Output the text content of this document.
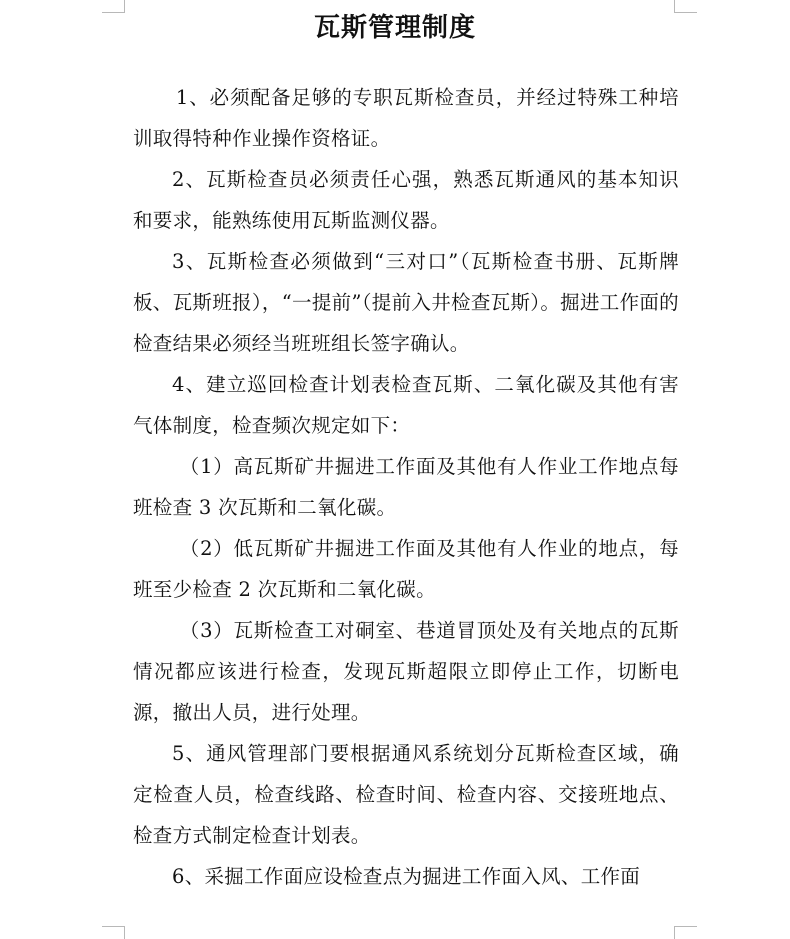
瓦斯管理制度

1、必须配备足够的专职瓦斯检查员，并经过特殊工种培训取得特种作业操作资格证。

2、瓦斯检查员必须责任心强，熟悉瓦斯通风的基本知识和要求，能熟练使用瓦斯监测仪器。

3、瓦斯检查必须做到“三对口”（瓦斯检查书册、瓦斯牌板、瓦斯班报），“一提前”（提前入井检查瓦斯）。掘进工作面的检查结果必须经当班班组长签字确认。

4、建立巡回检查计划表检查瓦斯、二氧化碳及其他有害气体制度，检查频次规定如下：

（1）高瓦斯矿井掘进工作面及其他有人作业工作地点每班检查 3 次瓦斯和二氧化碳。

（2）低瓦斯矿井掘进工作面及其他有人作业的地点，每班至少检查 2 次瓦斯和二氧化碳。

（3）瓦斯检查工对硐室、巷道冒顶处及有关地点的瓦斯情况都应该进行检查，发现瓦斯超限立即停止工作，切断电源，撤出人员，进行处理。

5、通风管理部门要根据通风系统划分瓦斯检查区域，确定检查人员，检查线路、检查时间、检查内容、交接班地点、检查方式制定检查计划表。

6、采掘工作面应设检查点为掘进工作面入风、工作面
